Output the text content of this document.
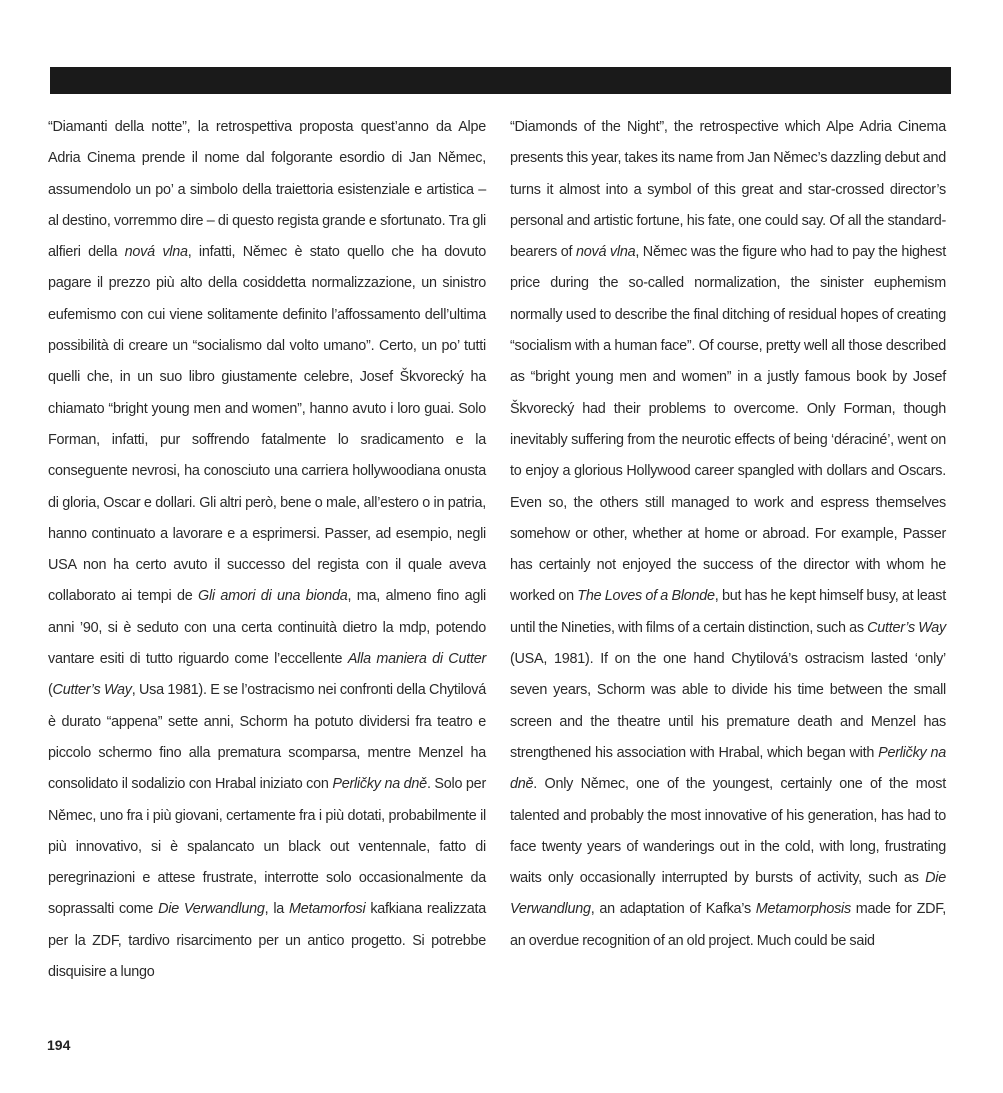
“Diamanti della notte”, la retrospettiva proposta quest’anno da Alpe Adria Cinema prende il nome dal folgorante esordio di Jan Němec, assumendolo un po’ a simbolo della traiettoria esistenziale e artistica – al destino, vorremmo dire – di questo regista grande e sfortunato. Tra gli alfieri della nová vlna, infatti, Němec è stato quello che ha dovuto pagare il prezzo più alto della cosiddetta normalizzazione, un sinistro eufemismo con cui viene solitamente definito l’affossamento dell’ultima possibilità di creare un “socialismo dal volto umano”. Certo, un po’ tutti quelli che, in un suo libro giustamente celebre, Josef Škvorecký ha chiamato “bright young men and women”, hanno avuto i loro guai. Solo Forman, infatti, pur soffrendo fatalmente lo sradicamento e la conseguente nevrosi, ha conosciuto una carriera hollywoodiana onusta di gloria, Oscar e dollari. Gli altri però, bene o male, all’estero o in patria, hanno continuato a lavorare e a esprimersi. Passer, ad esempio, negli USA non ha certo avuto il successo del regista con il quale aveva collaborato ai tempi de Gli amori di una bionda, ma, almeno fino agli anni ’90, si è seduto con una certa continuità dietro la mdp, potendo vantare esiti di tutto riguardo come l’eccellente Alla maniera di Cutter (Cutter’s Way, Usa 1981). E se l’ostracismo nei confronti della Chytilová è durato “appena” sette anni, Schorm ha potuto dividersi fra teatro e piccolo schermo fino alla prematura scomparsa, mentre Menzel ha consolidato il sodalizio con Hrabal iniziato con Perličky na dně. Solo per Němec, uno fra i più giovani, certamente fra i più dotati, probabilmente il più innovativo, si è spalancato un black out ventennale, fatto di peregrinazioni e attese frustrate, interrotte solo occasionalmente da soprassalti come Die Verwandlung, la Metamorfosi kafkiana realizzata per la ZDF, tardivo risarcimento per un antico progetto. Si potrebbe disquisire a lungo

“Diamonds of the Night”, the retrospective which Alpe Adria Cinema presents this year, takes its name from Jan Němec’s dazzling debut and turns it almost into a symbol of this great and star-crossed director’s personal and artistic fortune, his fate, one could say. Of all the standard-bearers of nová vlna, Němec was the figure who had to pay the highest price during the so-called normalization, the sinister euphemism normally used to describe the final ditching of residual hopes of creating “socialism with a human face”. Of course, pretty well all those described as “bright young men and women” in a justly famous book by Josef Škvorecký had their problems to overcome. Only Forman, though inevitably suffering from the neurotic effects of being ‘déraciné’, went on to enjoy a glorious Hollywood career spangled with dollars and Oscars. Even so, the others still managed to work and espress themselves somehow or other, whether at home or abroad. For example, Passer has certainly not enjoyed the success of the director with whom he worked on The Loves of a Blonde, but has he kept himself busy, at least until the Nineties, with films of a certain distinction, such as Cutter’s Way (USA, 1981). If on the one hand Chytilová’s ostracism lasted ‘only’ seven years, Schorm was able to divide his time between the small screen and the theatre until his premature death and Menzel has strengthened his association with Hrabal, which began with Perličky na dně. Only Němec, one of the youngest, certainly one of the most talented and probably the most innovative of his generation, has had to face twenty years of wanderings out in the cold, with long, frustrating waits only occasionally interrupted by bursts of activity, such as Die Verwandlung, an adaptation of Kafka’s Metamorphosis made for ZDF, an overdue recognition of an old project. Much could be said

194
